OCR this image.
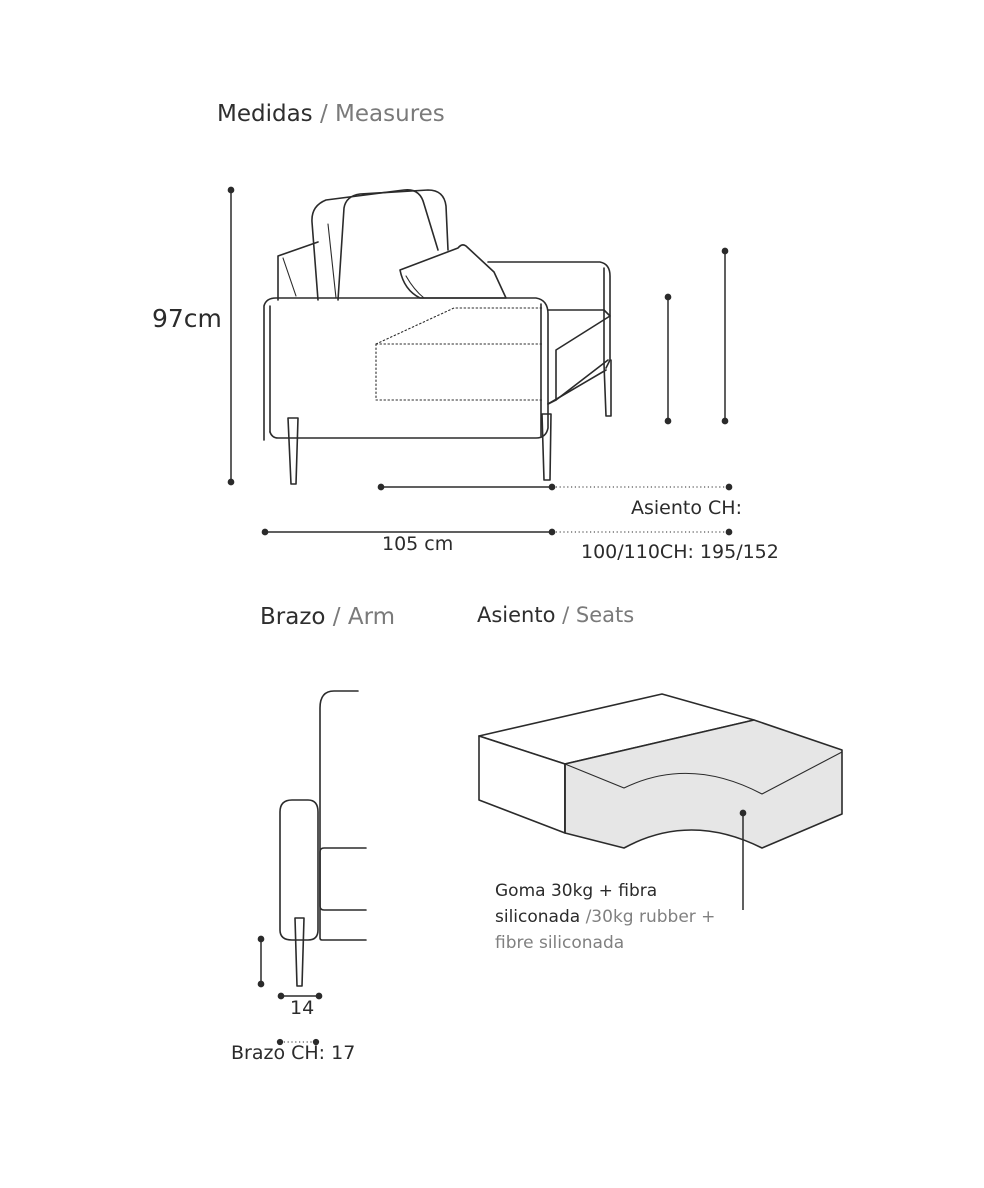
Medidas / Measures
97cm
Asiento CH:
105 cm	100/110CH: 195/152
Brazo / Arm	Asiento / Seats
Goma 30kg + fibra
siliconada /30kg rubber +
fibre siliconada
14
Brazo CH: 17
